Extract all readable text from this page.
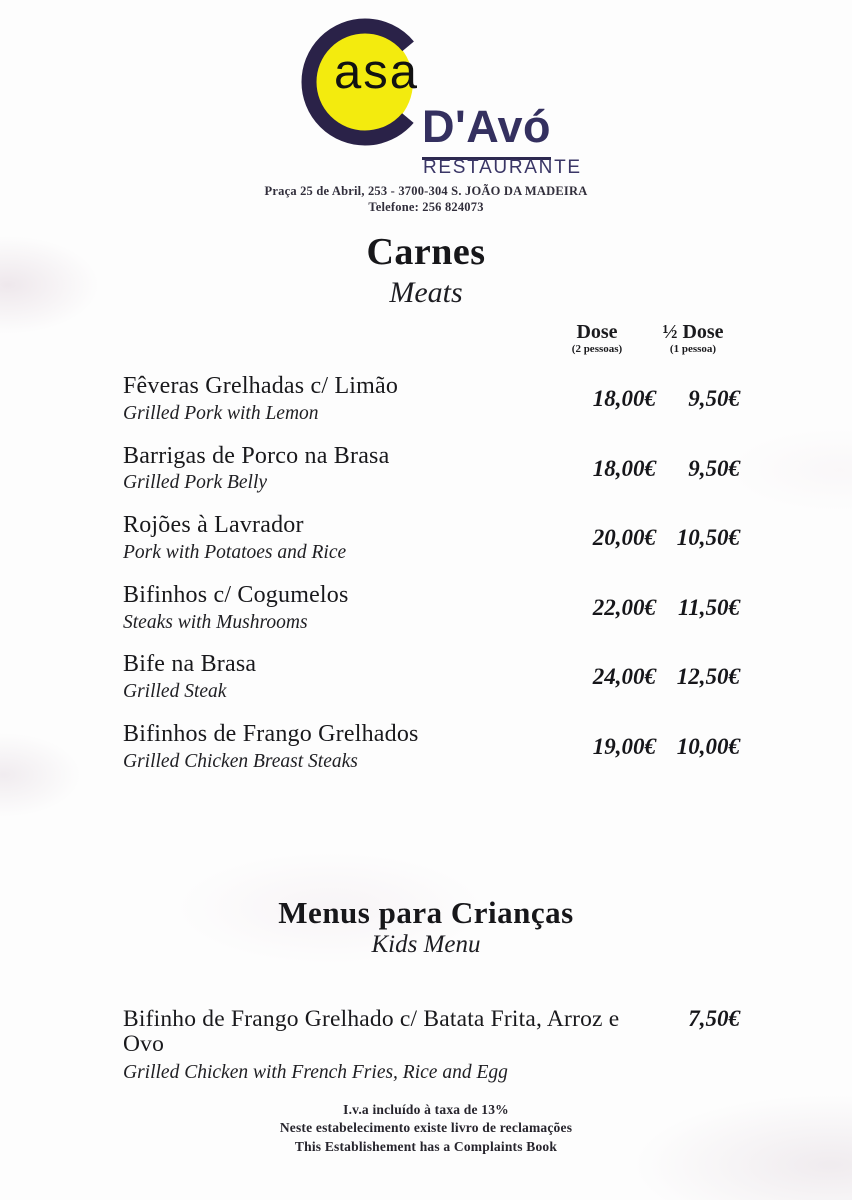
asa
D'Avó
RESTAURANTE
Praça 25 de Abril, 253 - 3700-304 S. JOÃO DA MADEIRA
Telefone: 256 824073
Carnes
Meats
Dose
(2 pessoas)
½ Dose
(1 pessoa)
Fêveras Grelhadas c/ Limão
Grilled Pork with Lemon
18,00€	9,50€
Barrigas de Porco na Brasa
Grilled Pork Belly
18,00€	9,50€
Rojões à Lavrador
Pork with Potatoes and Rice
20,00€ 10,50€
Bifinhos c/ Cogumelos
Steaks with Mushrooms
22,00€ 11,50€
Bife na Brasa
Grilled Steak
24,00€ 12,50€
Bifinhos de Frango Grelhados
Grilled Chicken Breast Steaks
19,00€ 10,00€
Menus para Crianças
Kids Menu
Bifinho de Frango Grelhado c/ Batata Frita, Arroz e Ovo
7,50€
Grilled Chicken with French Fries, Rice and Egg
I.v.a incluído à taxa de 13%
Neste estabelecimento existe livro de reclamações
This Establishement has a Complaints Book
